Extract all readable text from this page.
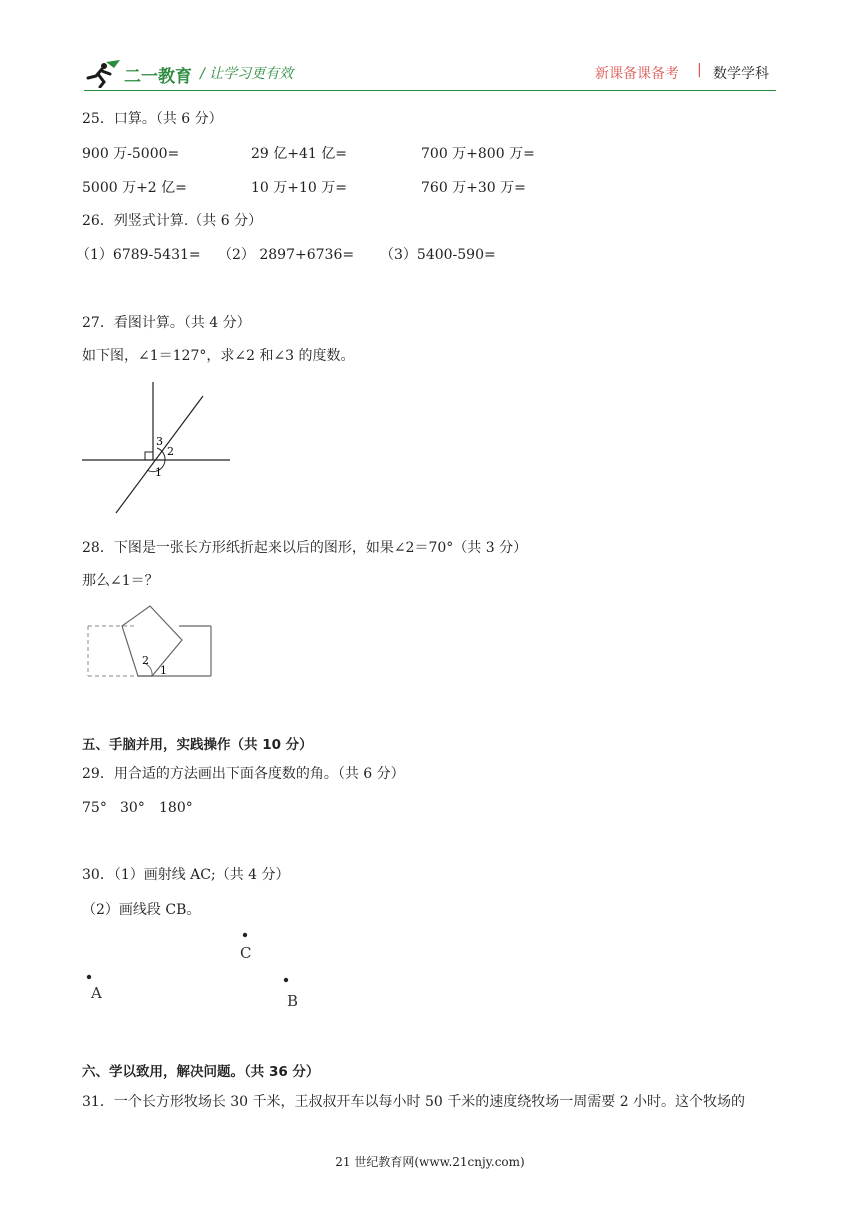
二一教育 / 让学习更有效	新课备课备考 | 数学学科
25．口算。（共 6 分）
900 万-5000=	29 亿+41 亿=	700 万+800 万=
5000 万+2 亿=	10 万+10 万=	760 万+30 万=
26．列竖式计算.（共 6 分）
（1）6789-5431= （2） 2897+6736= （3）5400-590=
27．看图计算。（共 4 分）
如下图，∠1＝127°，求∠2 和∠3 的度数。
3
2
1
28．下图是一张长方形纸折起来以后的图形，如果∠2＝70°（共 3 分）
那么∠1＝？
2
1
五、手脑并用，实践操作（共 10 分）
29．用合适的方法画出下面各度数的角。（共 6 分）
75° 30° 180°
30．（1）画射线 AC;（共 4 分）
（2）画线段 CB。
C
A	B
六、学以致用，解决问题。（共 36 分）
31．一个长方形牧场长 30 千米，王叔叔开车以每小时 50 千米的速度绕牧场一周需要 2 小时。这个牧场的
21 世纪教育网(www.21cnjy.com)
